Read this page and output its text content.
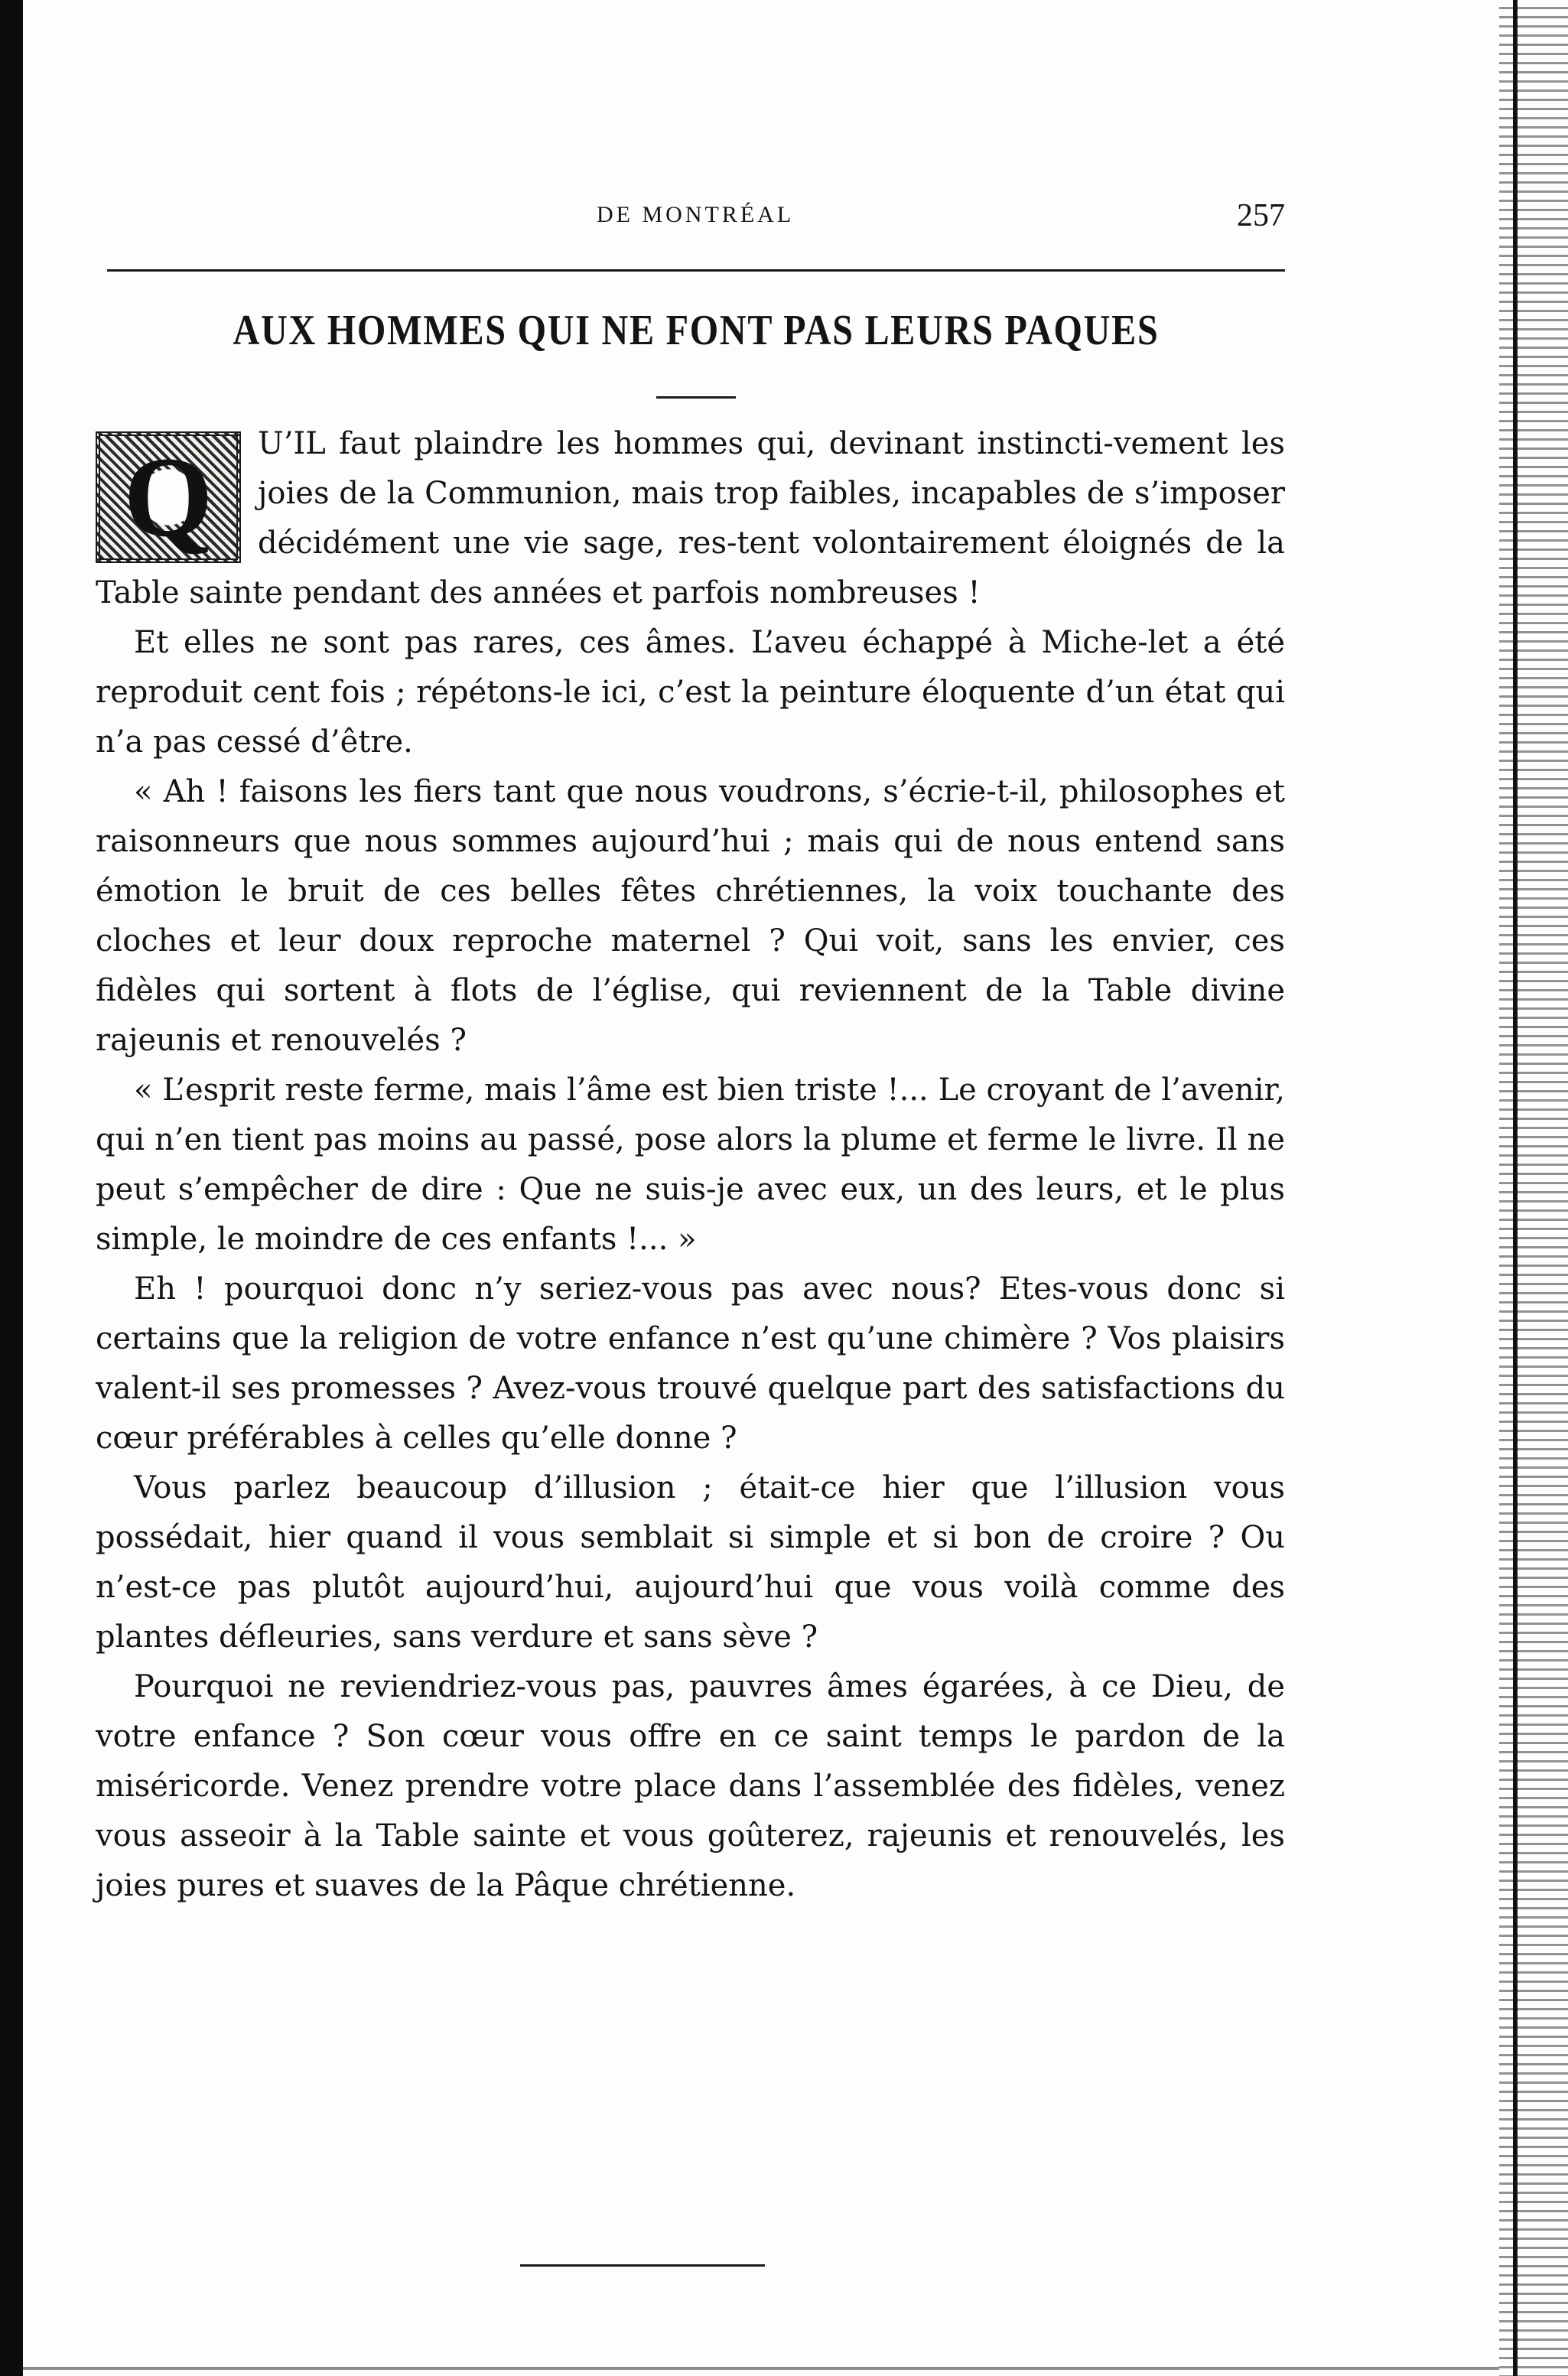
DE MONTRÉAL	257
AUX HOMMES QUI NE FONT PAS LEURS PAQUES

Q U’IL faut plaindre les hommes qui, devinant instincti-vement les joies de la Communion, mais trop faibles, incapables de s’imposer décidément une vie sage, res-tent volontairement éloignés de la Table sainte pendant des années et parfois nombreuses !

Et elles ne sont pas rares, ces âmes. L’aveu échappé à Miche-let a été reproduit cent fois ; répétons-le ici, c’est la peinture éloquente d’un état qui n’a pas cessé d’être.

« Ah ! faisons les fiers tant que nous voudrons, s’écrie-t-il, philosophes et raisonneurs que nous sommes aujourd’hui ; mais qui de nous entend sans émotion le bruit de ces belles fêtes chrétiennes, la voix touchante des cloches et leur doux reproche maternel ? Qui voit, sans les envier, ces fidèles qui sortent à flots de l’église, qui reviennent de la Table divine rajeunis et renouvelés ?

« L’esprit reste ferme, mais l’âme est bien triste !... Le croyant de l’avenir, qui n’en tient pas moins au passé, pose alors la plume et ferme le livre. Il ne peut s’empêcher de dire : Que ne suis-je avec eux, un des leurs, et le plus simple, le moindre de ces enfants !... »

Eh ! pourquoi donc n’y seriez-vous pas avec nous? Etes-vous donc si certains que la religion de votre enfance n’est qu’une chimère ? Vos plaisirs valent-il ses promesses ? Avez-vous trouvé quelque part des satisfactions du cœur préférables à celles qu’elle donne ?

Vous parlez beaucoup d’illusion ; était-ce hier que l’illusion vous possédait, hier quand il vous semblait si simple et si bon de croire ? Ou n’est-ce pas plutôt aujourd’hui, aujourd’hui que vous voilà comme des plantes défleuries, sans verdure et sans sève ?

Pourquoi ne reviendriez-vous pas, pauvres âmes égarées, à ce Dieu, de votre enfance ? Son cœur vous offre en ce saint temps le pardon de la miséricorde. Venez prendre votre place dans l’assemblée des fidèles, venez vous asseoir à la Table sainte et vous goûterez, rajeunis et renouvelés, les joies pures et suaves de la Pâque chrétienne.
